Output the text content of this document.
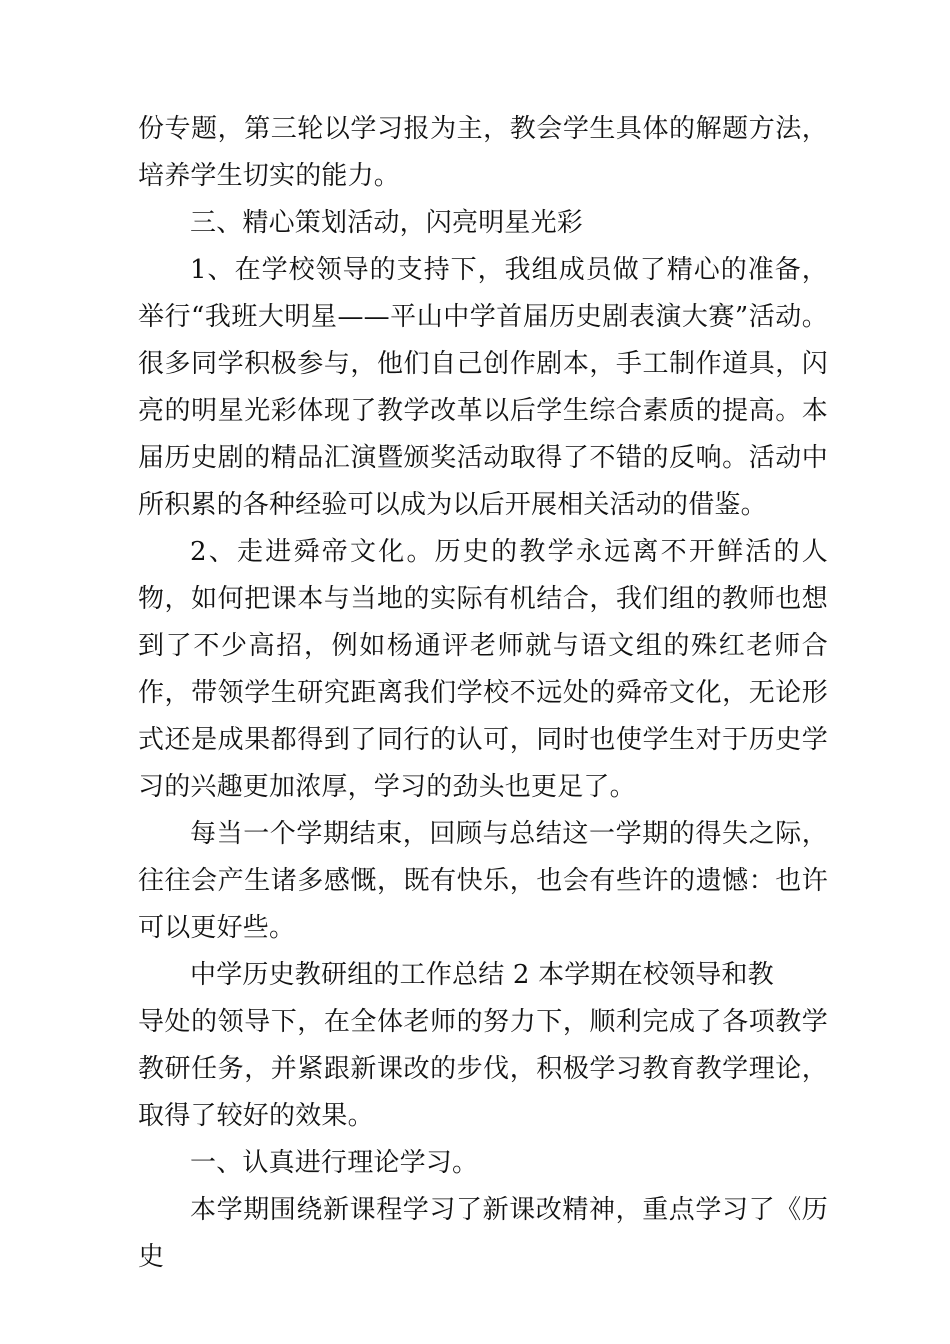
份专题，第三轮以学习报为主，教会学生具体的解题方法，培养学生切实的能力。

三、精心策划活动，闪亮明星光彩

1、在学校领导的支持下，我组成员做了精心的准备，举行“我班大明星——平山中学首届历史剧表演大赛”活动。很多同学积极参与，他们自己创作剧本，手工制作道具，闪亮的明星光彩体现了教学改革以后学生综合素质的提高。本届历史剧的精品汇演暨颁奖活动取得了不错的反响。活动中所积累的各种经验可以成为以后开展相关活动的借鉴。

2、走进舜帝文化。历史的教学永远离不开鲜活的人物，如何把课本与当地的实际有机结合，我们组的教师也想到了不少高招，例如杨通评老师就与语文组的殊红老师合作，带领学生研究距离我们学校不远处的舜帝文化，无论形式还是成果都得到了同行的认可，同时也使学生对于历史学习的兴趣更加浓厚，学习的劲头也更足了。

每当一个学期结束，回顾与总结这一学期的得失之际，往往会产生诸多感慨，既有快乐，也会有些许的遗憾：也许可以更好些。

中学历史教研组的工作总结 2 本学期在校领导和教

导处的领导下，在全体老师的努力下，顺利完成了各项教学教研任务，并紧跟新课改的步伐，积极学习教育教学理论，取得了较好的效果。

一、认真进行理论学习。

本学期围绕新课程学习了新课改精神，重点学习了《历史
